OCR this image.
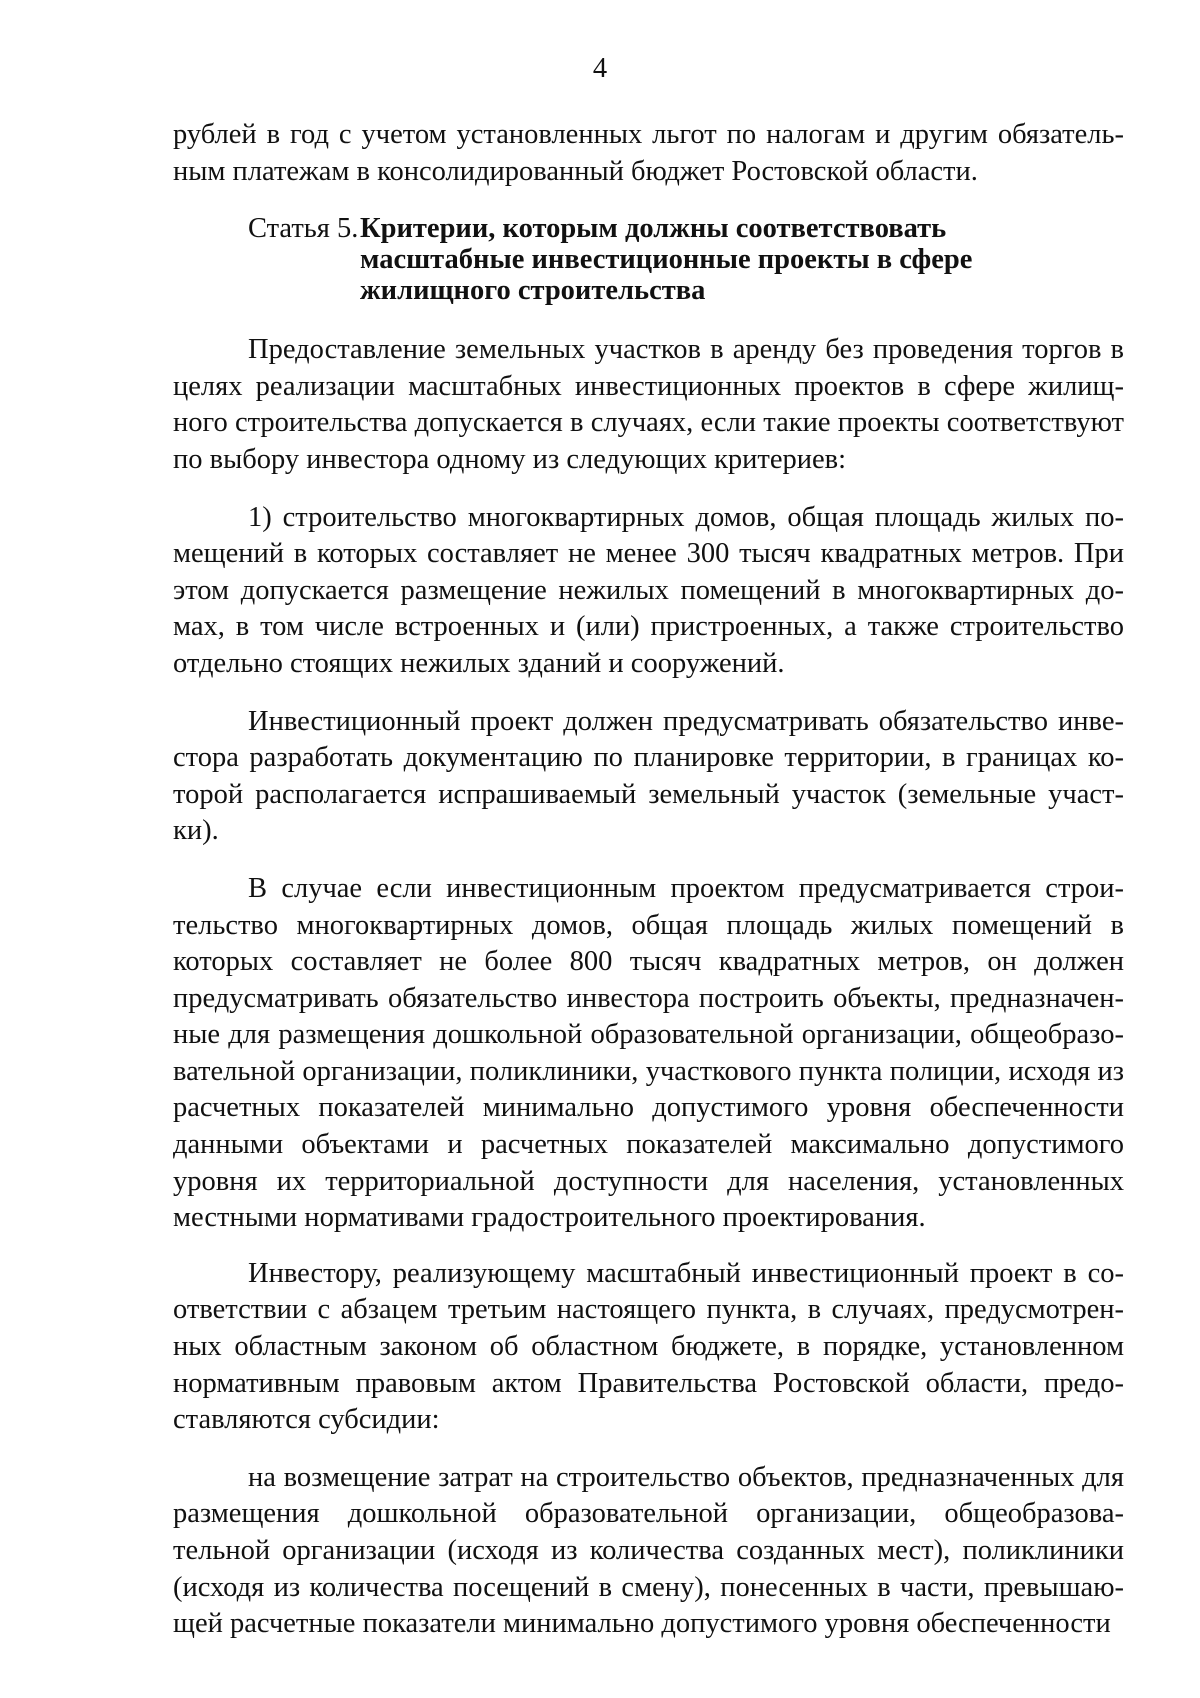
4

рублей в год с учетом установленных льгот по налогам и другим обязательным платежам в консолидированный бюджет Ростовской области.

Статья 5. Критерии, которым должны соответствовать
масштабные инвестиционные проекты в сфере
жилищного строительства

Предоставление земельных участков в аренду без проведения торгов в целях реализации масштабных инвестиционных проектов в сфере жилищного строительства допускается в случаях, если такие проекты соответствуют по выбору инвестора одному из следующих критериев:

1) строительство многоквартирных домов, общая площадь жилых помещений в которых составляет не менее 300 тысяч квадратных метров. При этом допускается размещение нежилых помещений в многоквартирных домах, в том числе встроенных и (или) пристроенных, а также строительство отдельно стоящих нежилых зданий и сооружений.

Инвестиционный проект должен предусматривать обязательство инвестора разработать документацию по планировке территории, в границах которой располагается испрашиваемый земельный участок (земельные участки).

В случае если инвестиционным проектом предусматривается строительство многоквартирных домов, общая площадь жилых помещений в которых составляет не более 800 тысяч квадратных метров, он должен предусматривать обязательство инвестора построить объекты, предназначенные для размещения дошкольной образовательной организации, общеобразовательной организации, поликлиники, участкового пункта полиции, исходя из расчетных показателей минимально допустимого уровня обеспеченности данными объектами и расчетных показателей максимально допустимого уровня их территориальной доступности для населения, установленных местными нормативами градостроительного проектирования.

Инвестору, реализующему масштабный инвестиционный проект в соответствии с абзацем третьим настоящего пункта, в случаях, предусмотренных областным законом об областном бюджете, в порядке, установленном нормативным правовым актом Правительства Ростовской области, предоставляются субсидии:

на возмещение затрат на строительство объектов, предназначенных для размещения дошкольной образовательной организации, общеобразовательной организации (исходя из количества созданных мест), поликлиники (исходя из количества посещений в смену), понесенных в части, превышающей расчетные показатели минимально допустимого уровня обеспеченности
